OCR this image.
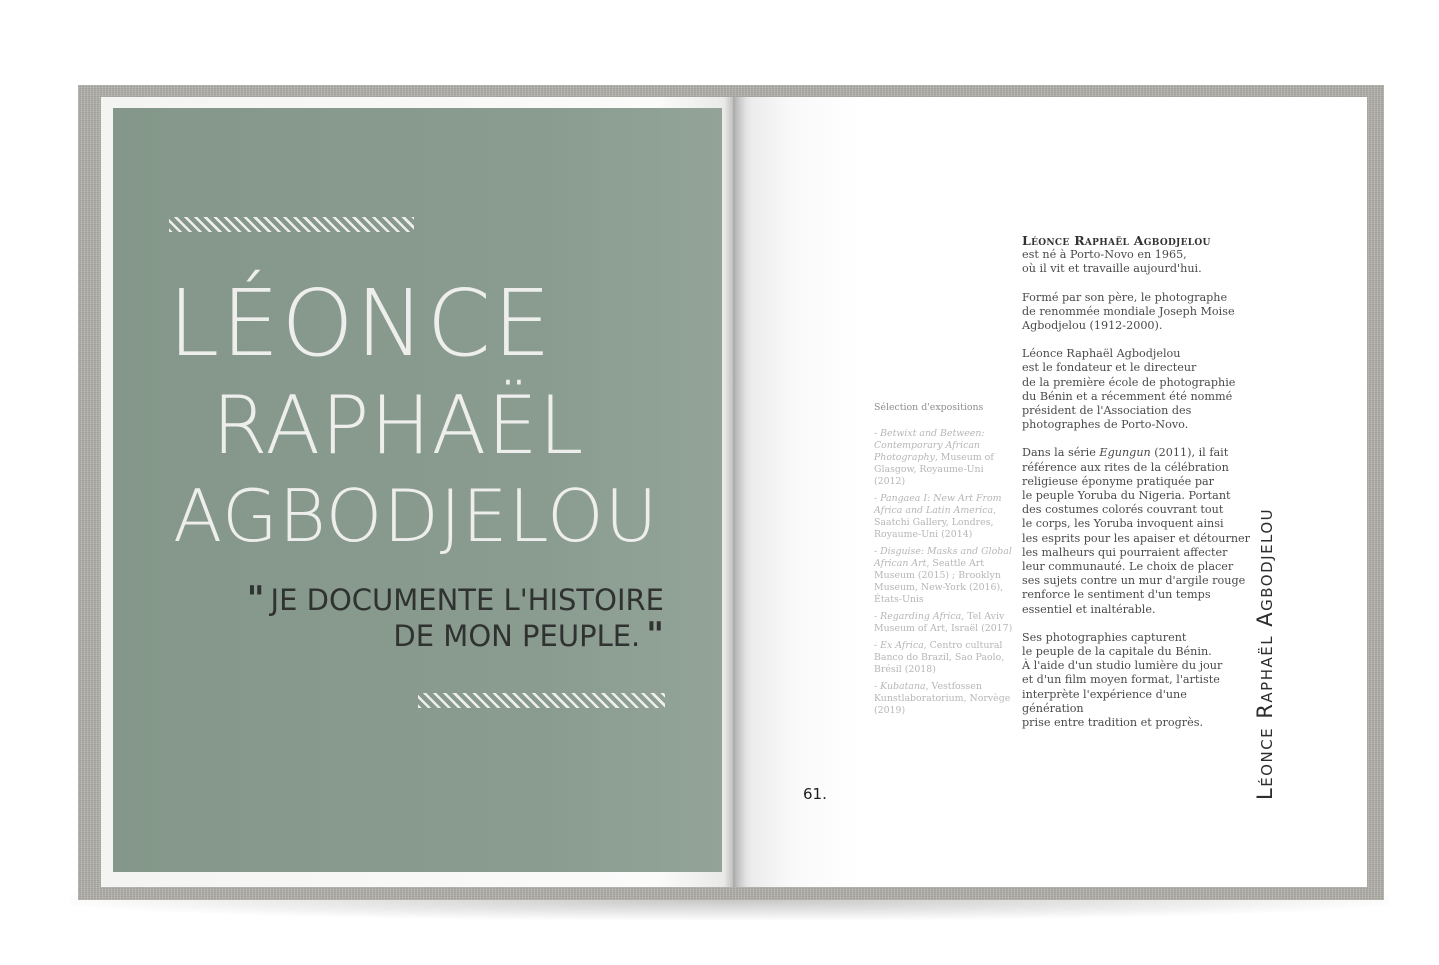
LÉONCE
RAPHAËL
AGBODJELOU
" JE DOCUMENTE L'HISTOIRE
DE MON PEUPLE. "
Sélection d'expositions
- Betwixt and Between: Contemporary African Photography, Museum of Glasgow, Royaume-Uni (2012)
- Pangaea I: New Art From Africa and Latin America, Saatchi Gallery, Londres, Royaume-Uni (2014)
- Disguise: Masks and Global African Art, Seattle Art Museum (2015) ; Brooklyn Museum, New-York (2016), États-Unis
- Regarding Africa, Tel Aviv Museum of Art, Israël (2017)
- Ex Africa, Centro cultural Banco do Brazil, Sao Paolo, Brésil (2018)
- Kubatana, Vestfossen Kunstlaboratorium, Norvège (2019)
Léonce Raphaël Agbodjelou

est né à Porto-Novo en 1965,
où il vit et travaille aujourd'hui.

Formé par son père, le photographe
de renommée mondiale Joseph Moise
Agbodjelou (1912-2000).

Léonce Raphaël Agbodjelou
est le fondateur et le directeur
de la première école de photographie
du Bénin et a récemment été nommé
président de l'Association des
photographes de Porto-Novo.

Dans la série Egungun (2011), il fait
référence aux rites de la célébration
religieuse éponyme pratiquée par
le peuple Yoruba du Nigeria. Portant
des costumes colorés couvrant tout
le corps, les Yoruba invoquent ainsi
les esprits pour les apaiser et détourner
les malheurs qui pourraient affecter
leur communauté. Le choix de placer
ses sujets contre un mur d'argile rouge
renforce le sentiment d'un temps
essentiel et inaltérable.

Ses photographies capturent
le peuple de la capitale du Bénin.
À l'aide d'un studio lumière du jour
et d'un film moyen format, l'artiste
interprète l'expérience d'une génération
prise entre tradition et progrès.

61.	Léonce Raphaël Agbodjelou
